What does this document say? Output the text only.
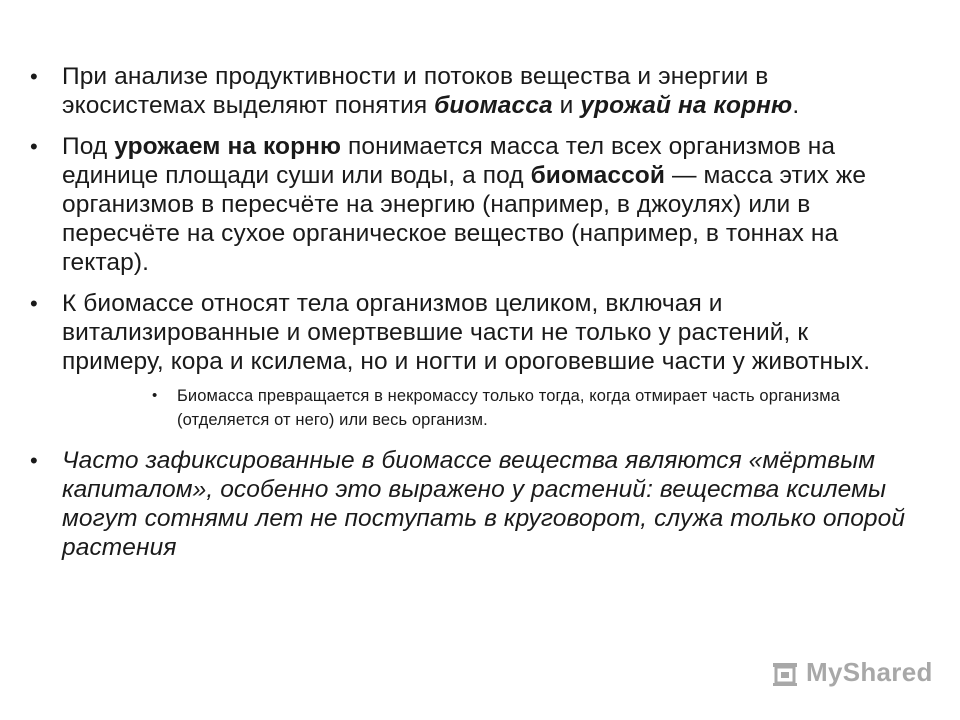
• При анализе продуктивности и потоков вещества и энергии в экосистемах выделяют понятия биомасса и урожай на корню.
• Под урожаем на корню понимается масса тел всех организмов на единице площади суши или воды, а под биомассой — масса этих же организмов в пересчёте на энергию (например, в джоулях) или в пересчёте на сухое органическое вещество (например, в тоннах на гектар).
• К биомассе относят тела организмов целиком, включая и витализированные и омертвевшие части не только у растений, к примеру, кора и ксилема, но и ногти и ороговевшие части у животных.
• Биомасса превращается в некромассу только тогда, когда отмирает часть организма (отделяется от него) или весь организм.
• Часто зафиксированные в биомассе вещества являются «мёртвым капиталом», особенно это выражено у растений: вещества ксилемы могут сотнями лет не поступать в круговорот, служа только опорой растения
MyShared
